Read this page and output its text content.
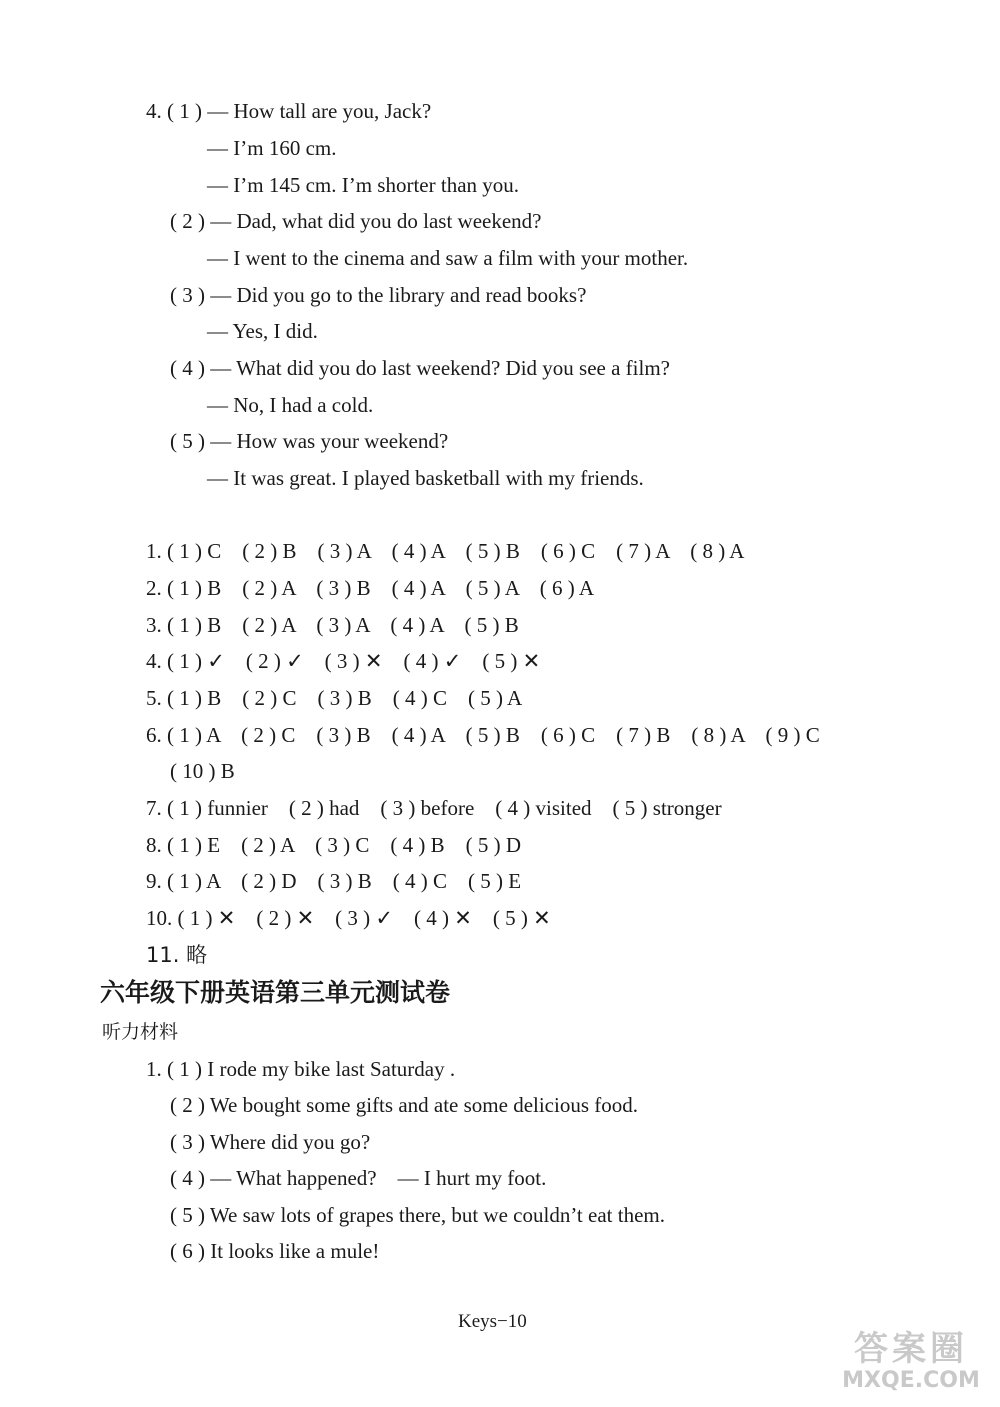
4. ( 1 ) — How tall are you, Jack?
— I’m 160 cm.
— I’m 145 cm. I’m shorter than you.
( 2 ) — Dad, what did you do last weekend?
— I went to the cinema and saw a film with your mother.
( 3 ) — Did you go to the library and read books?
— Yes, I did.
( 4 ) — What did you do last weekend? Did you see a film?
— No, I had a cold.
( 5 ) — How was your weekend?
— It was great. I played basketball with my friends.
1. ( 1 ) C    ( 2 ) B    ( 3 ) A    ( 4 ) A    ( 5 ) B    ( 6 ) C    ( 7 ) A    ( 8 ) A
2. ( 1 ) B    ( 2 ) A    ( 3 ) B    ( 4 ) A    ( 5 ) A    ( 6 ) A
3. ( 1 ) B    ( 2 ) A    ( 3 ) A    ( 4 ) A    ( 5 ) B
4. ( 1 ) ✓    ( 2 ) ✓    ( 3 ) ✕    ( 4 ) ✓    ( 5 ) ✕
5. ( 1 ) B    ( 2 ) C    ( 3 ) B    ( 4 ) C    ( 5 ) A
6. ( 1 ) A    ( 2 ) C    ( 3 ) B    ( 4 ) A    ( 5 ) B    ( 6 ) C    ( 7 ) B    ( 8 ) A    ( 9 ) C
( 10 ) B
7. ( 1 ) funnier    ( 2 ) had    ( 3 ) before    ( 4 ) visited    ( 5 ) stronger
8. ( 1 ) E    ( 2 ) A    ( 3 ) C    ( 4 ) B    ( 5 ) D
9. ( 1 ) A    ( 2 ) D    ( 3 ) B    ( 4 ) C    ( 5 ) E
10. ( 1 ) ✕    ( 2 ) ✕    ( 3 ) ✓    ( 4 ) ✕    ( 5 ) ✕
11. 略
六年级下册英语第三单元测试卷
听力材料
1. ( 1 ) I rode my bike last Saturday .
( 2 ) We bought some gifts and ate some delicious food.
( 3 ) Where did you go?
( 4 ) — What happened?    — I hurt my foot.
( 5 ) We saw lots of grapes there, but we couldn’t eat them.
( 6 ) It looks like a mule!
Keys−10
答案圈
MXQE.COM
